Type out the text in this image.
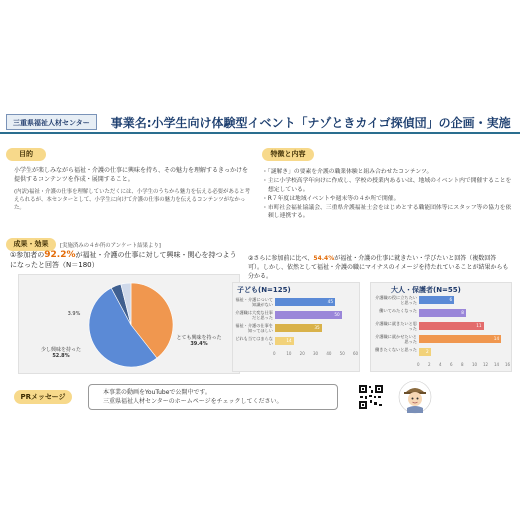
三重県福祉人材センター	事業名:小学生向け体験型イベント「ナゾときカイゴ探偵団」の企画・実施
目的
小学生が楽しみながら福祉・介護の仕事に興味を持ち、その魅力を理解するきっかけを提供するコンテンツを作成・展開すること。
(内訳)福祉・介護の仕事を理解していただくには、小学生のうちから魅力を伝える必要があると考えられるが、本センターとして、小学生に向けて介護の仕事の魅力を伝えるコンテンツがなかった。
特徴と内容
・ 「謎解き」の要素を介護の職業体験と組み合わせたコンテンツ。
・ 主に小学校高学年向けに作成し、学校の授業内あるいは、地域のイベント内で開催することを想定している。
・ R７年度は地域イベントや週末等の４か所で開催。
・ 市町社会福祉協議会、三重県介護福祉士会をはじめとする職能団体等にスタッフ等の協力を依頼し連携する。
成果・効果	[実施済みの４か所のアンケート結果より]
①参加者の92.2%が福祉・介護の仕事に対して興味・関心を持つようになったと回答（N＝180）
とても興味を持った
39.4%
少し興味を持った
52.8%
3.9%
②さらに参加前に比べ、54.4%が福祉・介護の仕事に就きたい・学びたいと回答（複数回答可）。しかし、依然として福祉・介護の職にマイナスのイメージを持たれていることが結果からも分かる。
子ども(N=125)
福祉・介護について知識がない
45
介護職は大変な仕事だと思った
50
福祉・介護の仕事を知ってほしい
35
どれも当てはまらない
14
0	10 20 30 40 50 60
大人・保護者(N=55)
介護職の役に立ちたいと思った
6
働いてみたくなった	8
介護職に就きたいと思った
11
介護職に就かせたいと思った
14
働きたくないと思った 2
0 2 4 6 8 10 12 14 16
PRメッセージ
本事業の動画をYouTubeで公開中です。
三重県福祉人材センターのホームページをチェックしてください。
